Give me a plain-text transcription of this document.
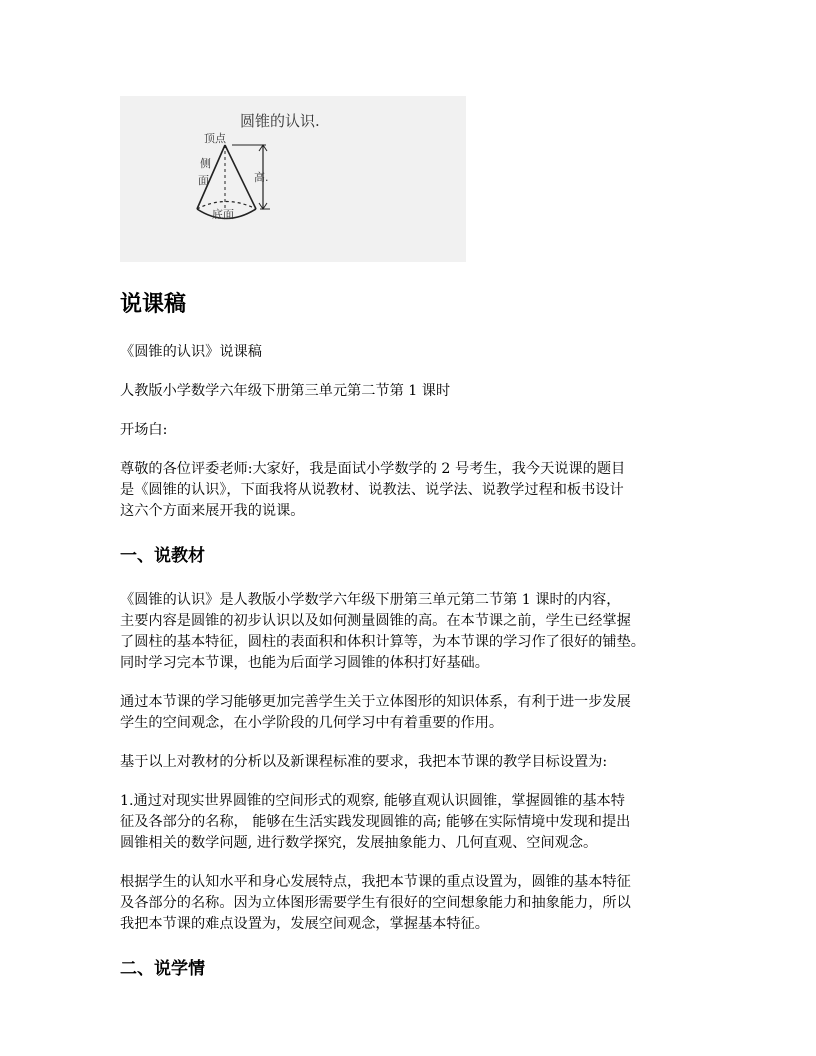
圆锥的认识.
顶点
侧
面	高.
底面
说课稿

《圆锥的认识》说课稿

人教版小学数学六年级下册第三单元第二节第 1 课时

开场白:

尊敬的各位评委老师:大家好，我是面试小学数学的 2 号考生，我今天说课的题目

是《圆锥的认识》，下面我将从说教材、说教法、说学法、说教学过程和板书设计

这六个方面来展开我的说课。

一、说教材

《圆锥的认识》是人教版小学数学六年级下册第三单元第二节第 1 课时的内容，

主要内容是圆锥的初步认识以及如何测量圆锥的高。在本节课之前，学生已经掌握

了圆柱的基本特征，圆柱的表面积和体积计算等，为本节课的学习作了很好的铺垫。

同时学习完本节课，也能为后面学习圆锥的体积打好基础。

通过本节课的学习能够更加完善学生关于立体图形的知识体系，有利于进一步发展

学生的空间观念，在小学阶段的几何学习中有着重要的作用。

基于以上对教材的分析以及新课程标准的要求，我把本节课的教学目标设置为:

1.通过对现实世界圆锥的空间形式的观察, 能够直观认识圆锥，掌握圆锥的基本特

征及各部分的名称， 能够在生活实践发现圆锥的高; 能够在实际情境中发现和提出

圆锥相关的数学问题, 进行数学探究，发展抽象能力、几何直观、空间观念。

根据学生的认知水平和身心发展特点，我把本节课的重点设置为，圆锥的基本特征

及各部分的名称。因为立体图形需要学生有很好的空间想象能力和抽象能力，所以

我把本节课的难点设置为，发展空间观念，掌握基本特征。

二、说学情
